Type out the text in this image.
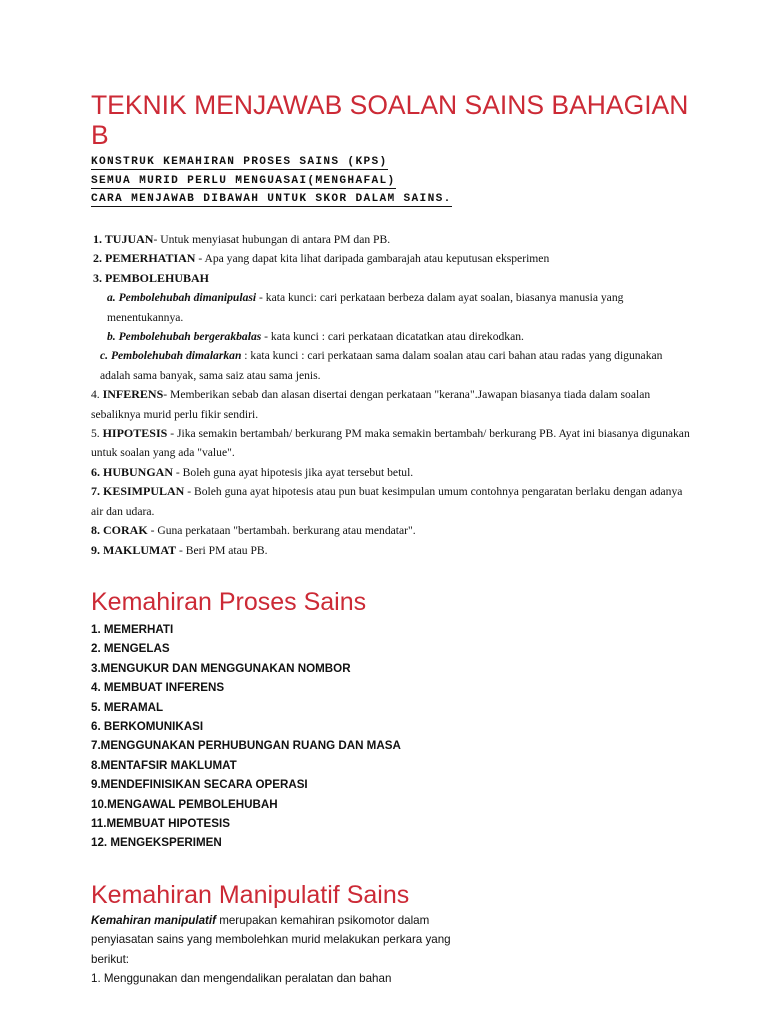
TEKNIK MENJAWAB SOALAN SAINS BAHAGIAN B
KONSTRUK KEMAHIRAN PROSES SAINS (KPS)
SEMUA MURID PERLU MENGUASAI(MENGHAFAL)
CARA MENJAWAB DIBAWAH UNTUK SKOR DALAM SAINS.

1. TUJUAN- Untuk menyiasat hubungan di antara PM dan PB.

2. PEMERHATIAN - Apa yang dapat kita lihat daripada gambarajah atau keputusan eksperimen

3. PEMBOLEHUBAH

a. Pembolehubah dimanipulasi - kata kunci: cari perkataan berbeza dalam ayat soalan, biasanya manusia yang menentukannya.

b. Pembolehubah bergerakbalas - kata kunci : cari perkataan dicatatkan atau direkodkan.

c. Pembolehubah dimalarkan : kata kunci : cari perkataan sama dalam soalan atau cari bahan atau radas yang digunakan adalah sama banyak, sama saiz atau sama jenis.

4. INFERENS- Memberikan sebab dan alasan disertai dengan perkataan "kerana".Jawapan biasanya tiada dalam soalan sebaliknya murid perlu fikir sendiri.

5. HIPOTESIS - Jika semakin bertambah/ berkurang PM maka semakin bertambah/ berkurang PB. Ayat ini biasanya digunakan untuk soalan yang ada "value".

6. HUBUNGAN - Boleh guna ayat hipotesis jika ayat tersebut betul.

7. KESIMPULAN - Boleh guna ayat hipotesis atau pun buat kesimpulan umum contohnya pengaratan berlaku dengan adanya air dan udara.

8. CORAK - Guna perkataan "bertambah. berkurang atau mendatar".

9. MAKLUMAT - Beri PM atau PB.

Kemahiran Proses Sains
1. MEMERHATI
2. MENGELAS
3.MENGUKUR DAN MENGGUNAKAN NOMBOR
4. MEMBUAT INFERENS
5. MERAMAL
6. BERKOMUNIKASI
7.MENGGUNAKAN PERHUBUNGAN RUANG DAN MASA
8.MENTAFSIR MAKLUMAT
9.MENDEFINISIKAN SECARA OPERASI
10.MENGAWAL PEMBOLEHUBAH
11.MEMBUAT HIPOTESIS
12. MENGEKSPERIMEN
Kemahiran Manipulatif Sains

Kemahiran manipulatif merupakan kemahiran psikomotor dalam penyiasatan sains yang membolehkan murid melakukan perkara yang berikut:

1. Menggunakan dan mengendalikan peralatan dan bahan
